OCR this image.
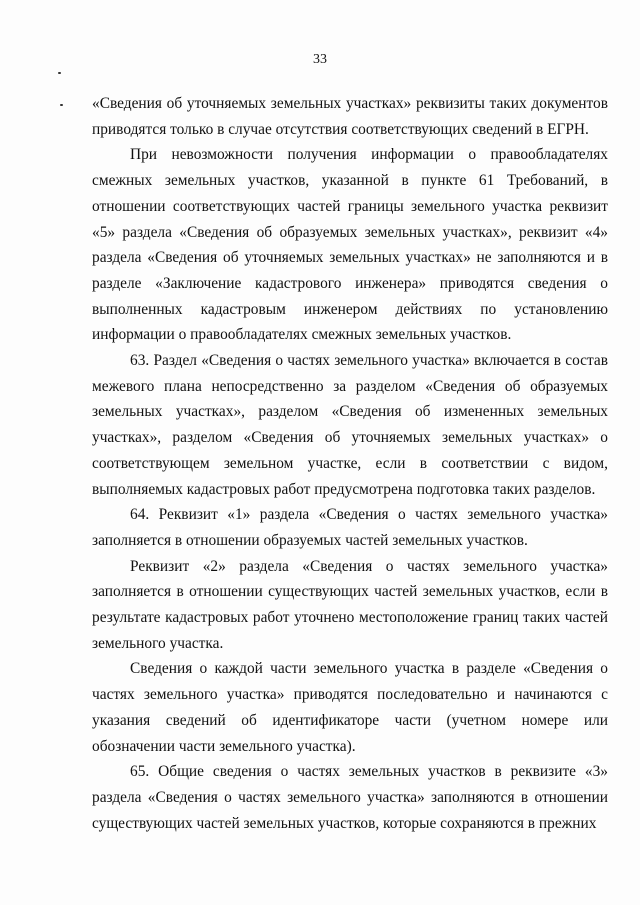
33

«Сведения об уточняемых земельных участках» реквизиты таких документов приводятся только в случае отсутствия соответствующих сведений в ЕГРН.

При невозможности получения информации о правообладателях смежных земельных участков, указанной в пункте 61 Требований, в отношении соответствующих частей границы земельного участка реквизит «5» раздела «Сведения об образуемых земельных участках», реквизит «4» раздела «Сведения об уточняемых земельных участках» не заполняются и в разделе «Заключение кадастрового инженера» приводятся сведения о выполненных кадастровым инженером действиях по установлению информации о правообладателях смежных земельных участков.

63. Раздел «Сведения о частях земельного участка» включается в состав межевого плана непосредственно за разделом «Сведения об образуемых земельных участках», разделом «Сведения об измененных земельных участках», разделом «Сведения об уточняемых земельных участках» о соответствующем земельном участке, если в соответствии с видом, выполняемых кадастровых работ предусмотрена подготовка таких разделов.

64. Реквизит «1» раздела «Сведения о частях земельного участка» заполняется в отношении образуемых частей земельных участков.

Реквизит «2» раздела «Сведения о частях земельного участка» заполняется в отношении существующих частей земельных участков, если в результате кадастровых работ уточнено местоположение границ таких частей земельного участка.

Сведения о каждой части земельного участка в разделе «Сведения о частях земельного участка» приводятся последовательно и начинаются с указания сведений об идентификаторе части (учетном номере или обозначении части земельного участка).

65. Общие сведения о частях земельных участков в реквизите «3» раздела «Сведения о частях земельного участка» заполняются в отношении существующих частей земельных участков, которые сохраняются в прежних
